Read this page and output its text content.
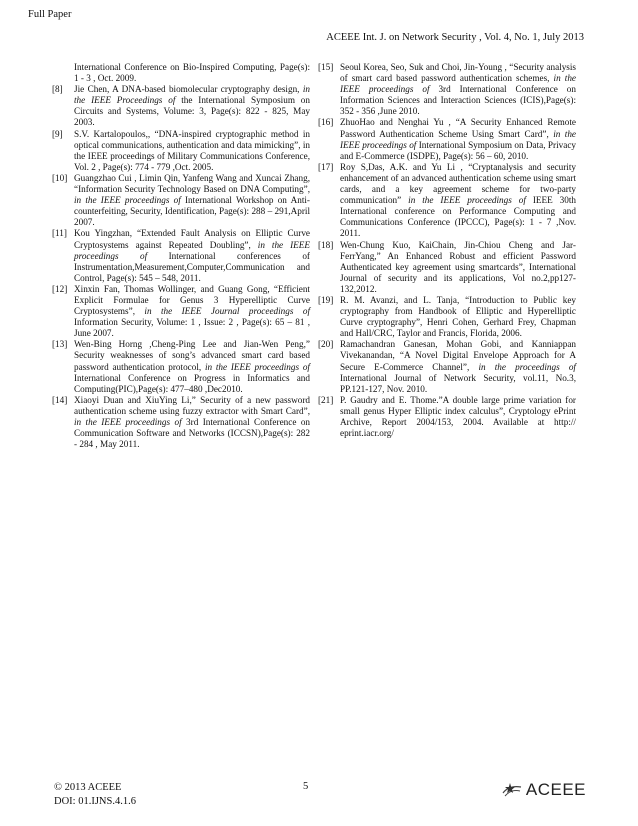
Full Paper
ACEEE Int. J. on Network Security , Vol. 4, No. 1, July 2013

International Conference on Bio-Inspired Computing, Page(s): 1 - 3 , Oct. 2009.

[8] Jie Chen, A DNA-based biomolecular cryptography design, in the IEEE Proceedings of the International Symposium on Circuits and Systems, Volume: 3, Page(s): 822 - 825, May 2003.

[9] S.V. Kartalopoulos,, “DNA-inspired cryptographic method in optical communications, authentication and data mimicking”, in the IEEE proceedings of Military Communications Conference, Vol. 2 , Page(s): 774 - 779 ,Oct. 2005.

[10] Guangzhao Cui , Limin Qin, Yanfeng Wang and Xuncai Zhang, “Information Security Technology Based on DNA Computing”, in the IEEE proceedings of International Workshop on Anti-counterfeiting, Security, Identification, Page(s): 288 – 291,April 2007.

[11] Kou Yingzhan, “Extended Fault Analysis on Elliptic Curve Cryptosystems against Repeated Doubling”, in the IEEE proceedings of International conferences of Instrumentation,Measurement,Computer,Communication and Control, Page(s): 545 – 548, 2011.

[12] Xinxin Fan, Thomas Wollinger, and Guang Gong, “Efficient Explicit Formulae for Genus 3 Hyperelliptic Curve Cryptosystems”, in the IEEE Journal proceedings of Information Security, Volume: 1 , Issue: 2 , Page(s): 65 – 81 , June 2007.

[13] Wen-Bing Horng ,Cheng-Ping Lee and Jian-Wen Peng,” Security weaknesses of song’s advanced smart card based password authentication protocol, in the IEEE proceedings of International Conference on Progress in Informatics and Computing(PIC),Page(s): 477–480 ,Dec2010.

[14] Xiaoyi Duan and XiuYing Li,” Security of a new password authentication scheme using fuzzy extractor with Smart Card”, in the IEEE proceedings of 3rd International Conference on Communication Software and Networks (ICCSN),Page(s): 282 - 284 , May 2011.

[15] Seoul Korea, Seo, Suk and Choi, Jin-Young , “Security analysis of smart card based password authentication schemes, in the IEEE proceedings of 3rd International Conference on Information Sciences and Interaction Sciences (ICIS),Page(s): 352 - 356 ,June 2010.

[16] ZhuoHao and Nenghai Yu , “A Security Enhanced Remote Password Authentication Scheme Using Smart Card”, in the IEEE proceedings of International Symposium on Data, Privacy and E-Commerce (ISDPE), Page(s): 56 – 60, 2010.

[17] Roy S,Das, A.K. and Yu Li , “Cryptanalysis and security enhancement of an advanced authentication scheme using smart cards, and a key agreement scheme for two-party communication” in the IEEE proceedings of IEEE 30th International conference on Performance Computing and Communications Conference (IPCCC), Page(s): 1 - 7 ,Nov. 2011.

[18] Wen-Chung Kuo, KaiChain, Jin-Chiou Cheng and Jar-FerrYang,” An Enhanced Robust and efficient Password Authenticated key agreement using smartcards”, International Journal of security and its applications, Vol no.2,pp127-132,2012.

[19] R. M. Avanzi, and L. Tanja, “Introduction to Public key cryptography from Handbook of Elliptic and Hyperelliptic Curve cryptography”, Henri Cohen, Gerhard Frey, Chapman and Hall/CRC, Taylor and Francis, Florida, 2006.

[20] Ramachandran Ganesan, Mohan Gobi, and Kanniappan Vivekanandan, “A Novel Digital Envelope Approach for A Secure E-Commerce Channel”, in the proceedings of International Journal of Network Security, vol.11, No.3, PP.121-127, Nov. 2010.

[21] P. Gaudry and E. Thome.”A double large prime variation for small genus Hyper Elliptic index calculus”, Cryptology ePrint Archive, Report 2004/153, 2004. Available at http:// eprint.iacr.org/

© 2013 ACEEE
DOI: 01.IJNS.4.1.6
5	ACEEE
